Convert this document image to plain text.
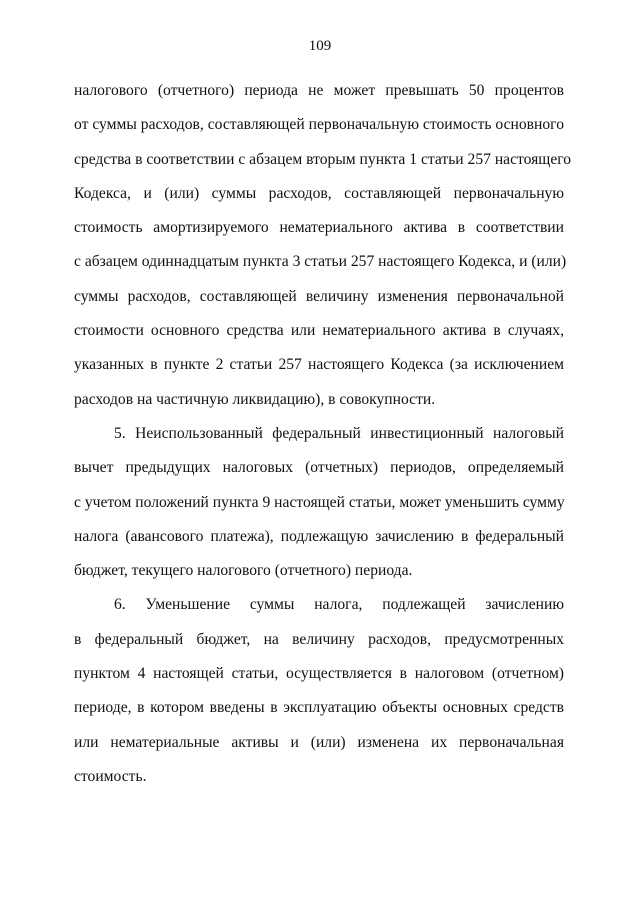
109
налогового (отчетного) периода не может превышать 50 процентов
от суммы расходов, составляющей первоначальную стоимость основного
средства в соответствии с абзацем вторым пункта 1 статьи 257 настоящего
Кодекса, и (или) суммы расходов, составляющей первоначальную
стоимость амортизируемого нематериального актива в соответствии
с абзацем одиннадцатым пункта 3 статьи 257 настоящего Кодекса, и (или)
суммы расходов, составляющей величину изменения первоначальной
стоимости основного средства или нематериального актива в случаях,
указанных в пункте 2 статьи 257 настоящего Кодекса (за исключением
расходов на частичную ликвидацию), в совокупности.
5. Неиспользованный федеральный инвестиционный налоговый
вычет предыдущих налоговых (отчетных) периодов, определяемый
с учетом положений пункта 9 настоящей статьи, может уменьшить сумму
налога (авансового платежа), подлежащую зачислению в федеральный
бюджет, текущего налогового (отчетного) периода.
6. Уменьшение суммы налога, подлежащей зачислению
в федеральный бюджет, на величину расходов, предусмотренных
пунктом 4 настоящей статьи, осуществляется в налоговом (отчетном)
периоде, в котором введены в эксплуатацию объекты основных средств
или нематериальные активы и (или) изменена их первоначальная
стоимость.
